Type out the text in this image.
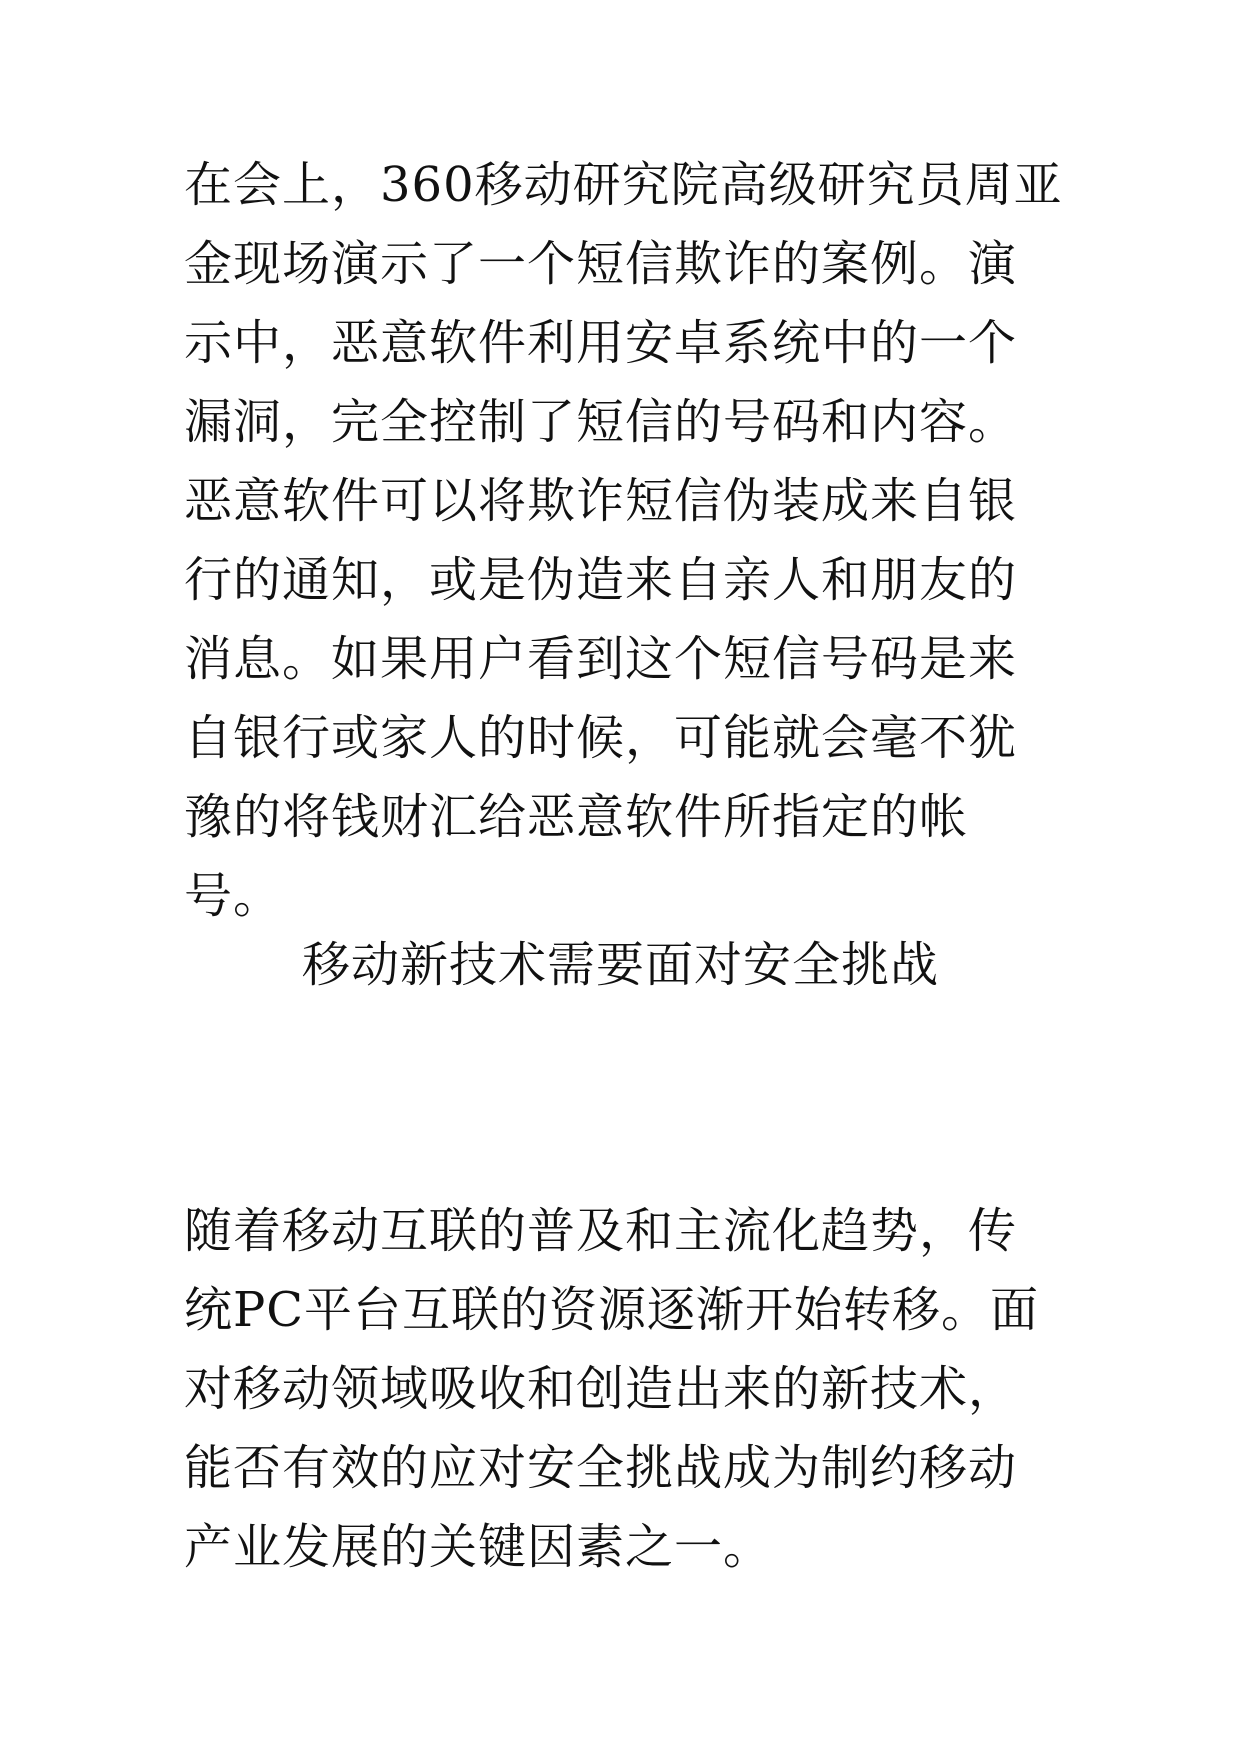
在会上，360移动研究院高级研究员周亚金现场演示了一个短信欺诈的案例。演示中，恶意软件利用安卓系统中的一个漏洞，完全控制了短信的号码和内容。恶意软件可以将欺诈短信伪装成来自银行的通知，或是伪造来自亲人和朋友的消息。如果用户看到这个短信号码是来自银行或家人的时候，可能就会毫不犹豫的将钱财汇给恶意软件所指定的帐号。

移动新技术需要面对安全挑战

随着移动互联的普及和主流化趋势，传统PC平台互联的资源逐渐开始转移。面对移动领域吸收和创造出来的新技术，能否有效的应对安全挑战成为制约移动产业发展的关键因素之一。
